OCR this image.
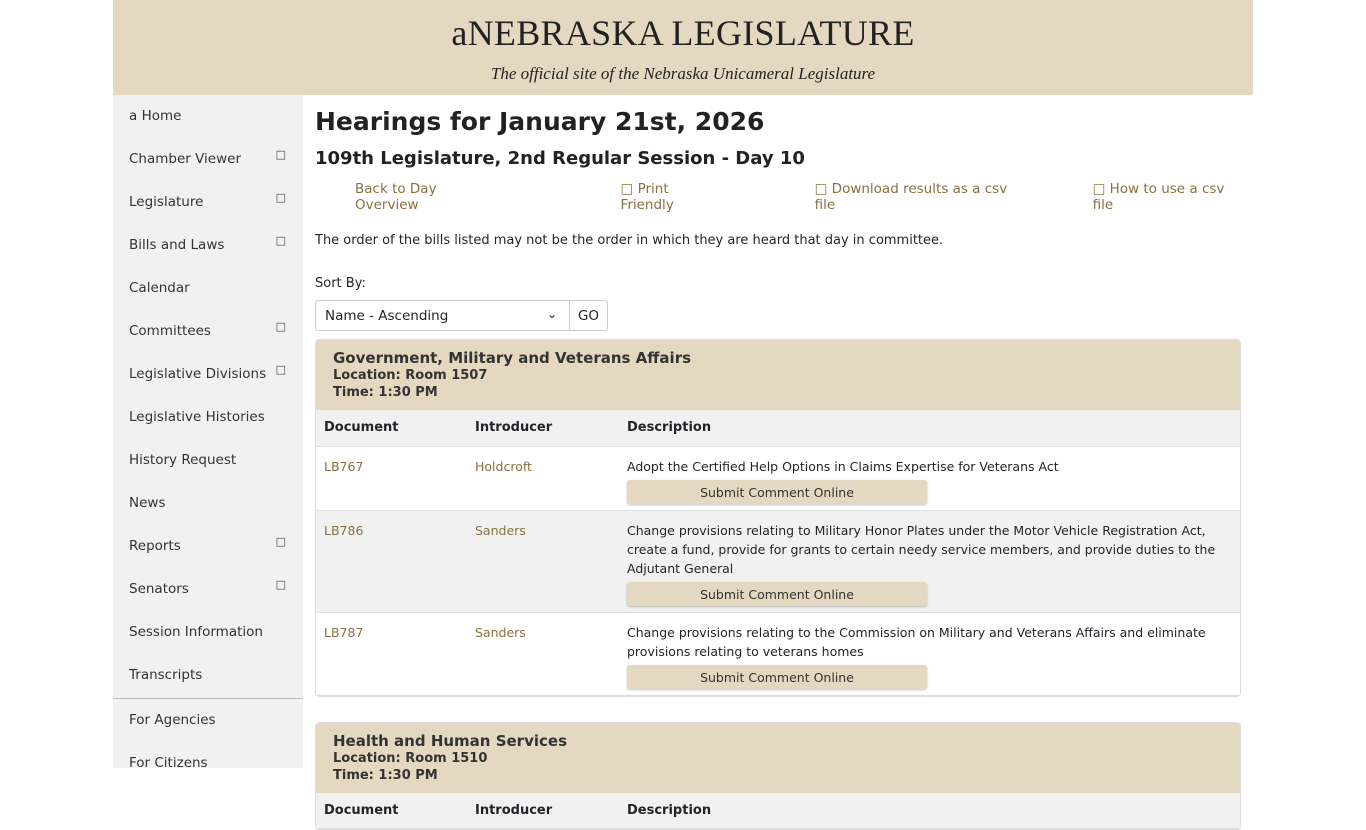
aNEBRASKA LEGISLATURE
The official site of the Nebraska Unicameral Legislature
a Home
Chamber Viewer	□
Legislature	□
Bills and Laws	□
Calendar
Committees	□
Legislative Divisions □
Legislative Histories
History Request
News
Reports	□
Senators	□
Session Information
Transcripts
For Agencies
For Citizens
Hearings for January 21st, 2026
109th Legislature, 2nd Regular Session - Day 10
Back to Day Overview
□ Print Friendly
□ Download results as a csv file
□ How to use a csv file
The order of the bills listed may not be the order in which they are heard that day in committee.
Sort By:
Name - Ascending	⌄	GO
Government, Military and Veterans Affairs
Location: Room 1507
Time: 1:30 PM
Document	Introducer	Description
LB767	Holdcroft	Adopt the Certified Help Options in Claims Expertise for Veterans Act
Submit Comment Online

LB786	Sanders	Change provisions relating to Military Honor Plates under the Motor Vehicle Registration Act, create a fund, provide for grants to certain needy service members, and provide duties to the Adjutant General
Submit Comment Online

LB787	Sanders	Change provisions relating to the Commission on Military and Veterans Affairs and eliminate provisions relating to veterans homes
Submit Comment Online
Health and Human Services
Location: Room 1510
Time: 1:30 PM
Document	Introducer	Description
